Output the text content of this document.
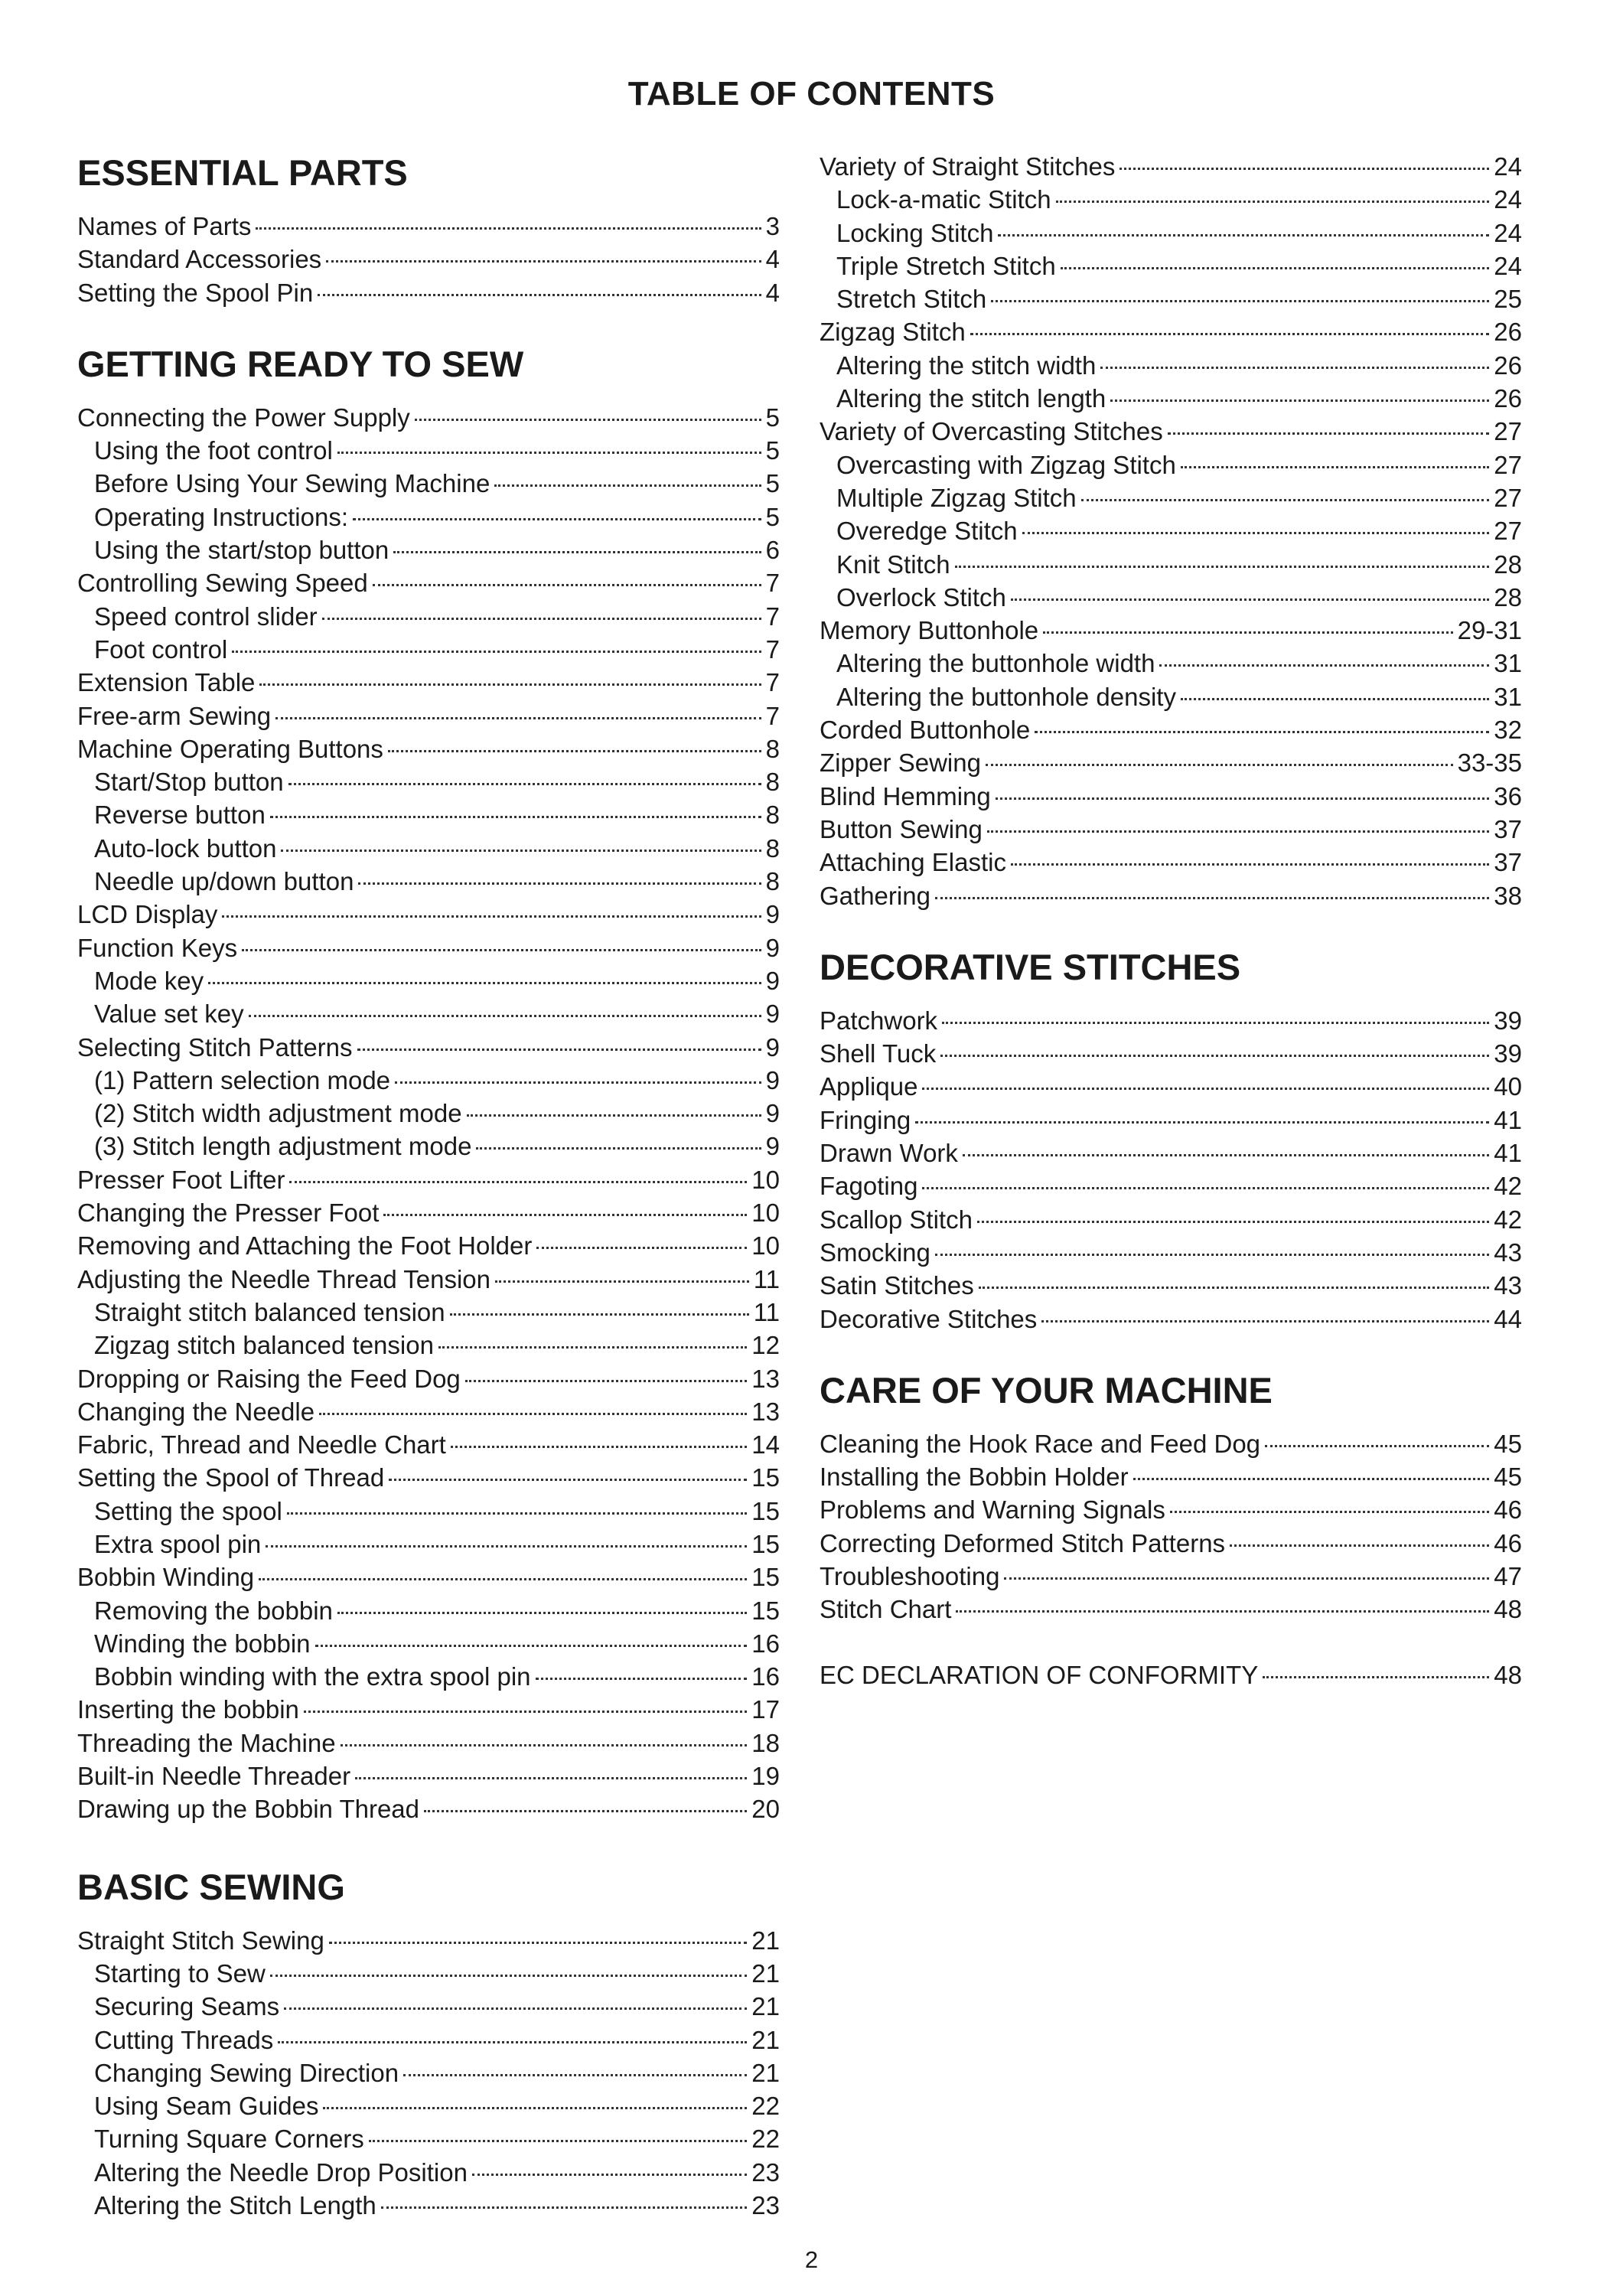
TABLE OF CONTENTS
ESSENTIAL PARTS
Names of Parts	3
Standard Accessories	4
Setting the Spool Pin	4
GETTING READY TO SEW
Connecting the Power Supply	5
Using the foot control	5
Before Using Your Sewing Machine	5
Operating Instructions:	5
Using the start/stop button	6
Controlling Sewing Speed	7
Speed control slider	7
Foot control	7
Extension Table	7
Free-arm Sewing	7
Machine Operating Buttons	8
Start/Stop button	8
Reverse button	8
Auto-lock button	8
Needle up/down button	8
LCD Display	9
Function Keys	9
Mode key	9
Value set key	9
Selecting Stitch Patterns	9
(1) Pattern selection mode	9
(2) Stitch width adjustment mode	9
(3) Stitch length adjustment mode	9
Presser Foot Lifter	10
Changing the Presser Foot	10
Removing and Attaching the Foot Holder	10
Adjusting the Needle Thread Tension	11
Straight stitch balanced tension	11
Zigzag stitch balanced tension	12
Dropping or Raising the Feed Dog	13
Changing the Needle	13
Fabric, Thread and Needle Chart	14
Setting the Spool of Thread	15
Setting the spool	15
Extra spool pin	15
Bobbin Winding	15
Removing the bobbin	15
Winding the bobbin	16
Bobbin winding with the extra spool pin	16
Inserting the bobbin	17
Threading the Machine	18
Built-in Needle Threader	19
Drawing up the Bobbin Thread	20
BASIC SEWING
Straight Stitch Sewing	21
Starting to Sew	21
Securing Seams	21
Cutting Threads	21
Changing Sewing Direction	21
Using Seam Guides	22
Turning Square Corners	22
Altering the Needle Drop Position	23
Altering the Stitch Length	23
Variety of Straight Stitches	24
Lock-a-matic Stitch	24
Locking Stitch	24
Triple Stretch Stitch	24
Stretch Stitch	25
Zigzag Stitch	26
Altering the stitch width	26
Altering the stitch length	26
Variety of Overcasting Stitches	27
Overcasting with Zigzag Stitch	27
Multiple Zigzag Stitch	27
Overedge Stitch	27
Knit Stitch	28
Overlock Stitch	28
Memory Buttonhole	29-31
Altering the buttonhole width	31
Altering the buttonhole density	31
Corded Buttonhole	32
Zipper Sewing	33-35
Blind Hemming	36
Button Sewing	37
Attaching Elastic	37
Gathering	38
DECORATIVE STITCHES
Patchwork	39
Shell Tuck	39
Applique	40
Fringing	41
Drawn Work	41
Fagoting	42
Scallop Stitch	42
Smocking	43
Satin Stitches	43
Decorative Stitches	44
CARE OF YOUR MACHINE
Cleaning the Hook Race and Feed Dog	45
Installing the Bobbin Holder	45
Problems and Warning Signals	46
Correcting Deformed Stitch Patterns	46
Troubleshooting	47
Stitch Chart	48
EC DECLARATION OF CONFORMITY	48
2
